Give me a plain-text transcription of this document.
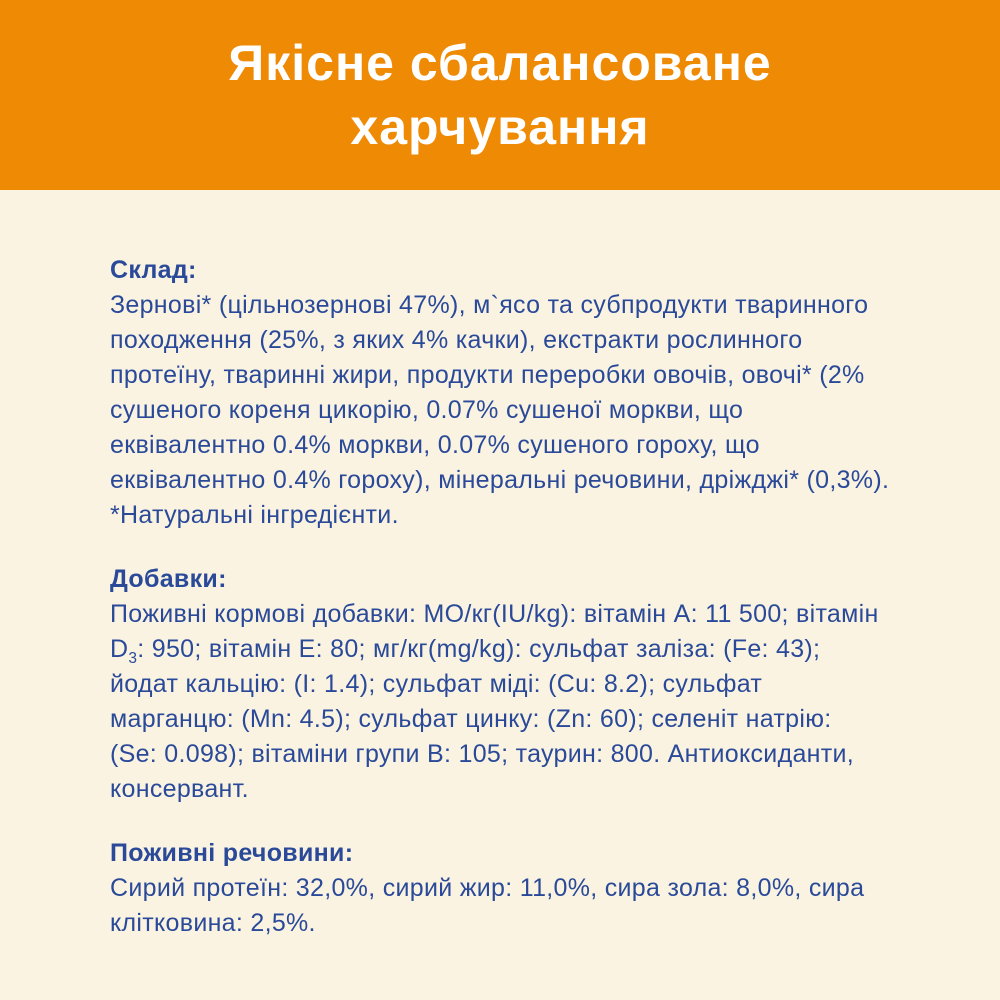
Якісне сбалансоване
харчування
Склад:
Зернові* (цільнозернові 47%), м`ясо та субпродукти тваринного
походження (25%, з яких 4% качки), екстракти рослинного
протеїну, тваринні жири, продукти переробки овочів, овочі* (2%
сушеного кореня цикорію, 0.07% сушеної моркви, що
еквівалентно 0.4% моркви, 0.07% сушеного гороху, що
еквівалентно 0.4% гороху), мінеральні речовини, дріжджі* (0,3%).
*Натуральні інгредієнти.
Добавки:
Поживні кормові добавки: МО/кг(IU/kg): вітамін А: 11 500; вітамін
$D_3$: 950; вітамін Е: 80; мг/кг(mg/kg): сульфат заліза: (Fe: 43);
йодат кальцію: (І: 1.4); сульфат міді: (Cu: 8.2); сульфат
марганцю: (Mn: 4.5); сульфат цинку: (Zn: 60); селеніт натрію:
(Se: 0.098); вітаміни групи В: 105; таурин: 800. Антиоксиданти,
консервант.
Поживні речовини:
Сирий протеїн: 32,0%, сирий жир: 11,0%, сира зола: 8,0%, сира
клітковина: 2,5%.
